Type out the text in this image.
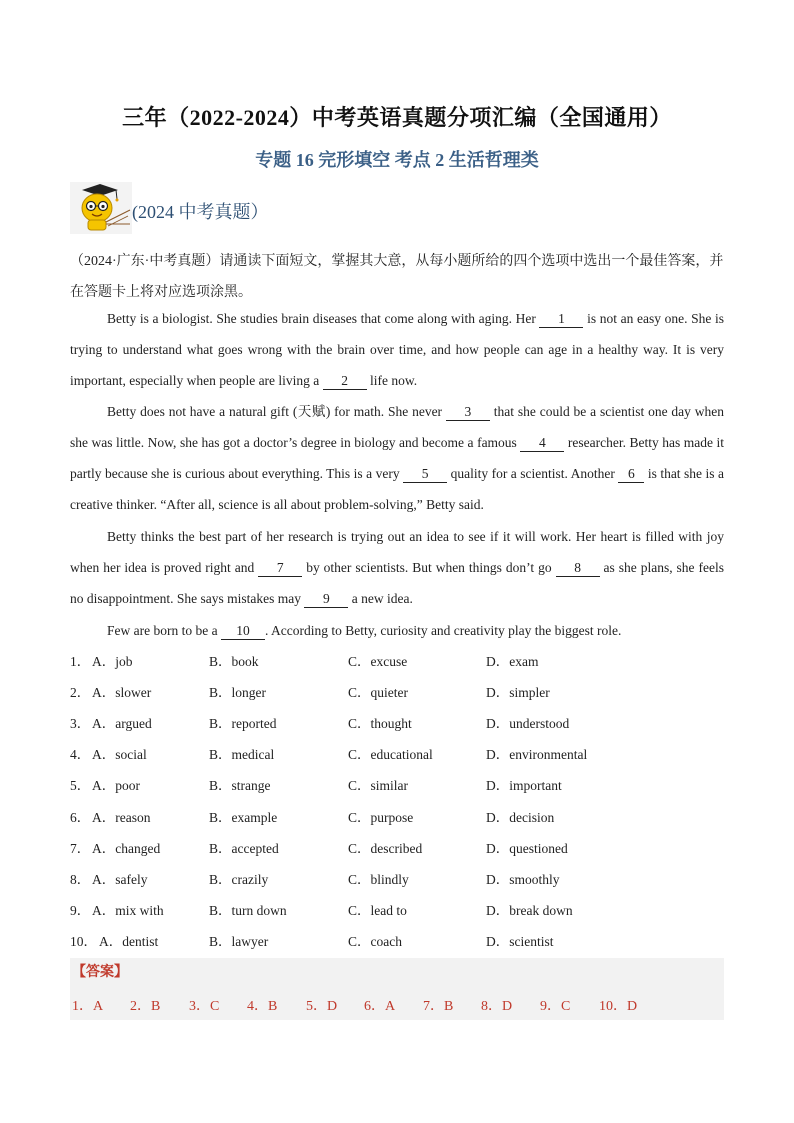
三年（2022-2024）中考英语真题分项汇编（全国通用）
专题 16 完形填空 考点 2 生活哲理类
(2024 中考真题）
（2024·广东·中考真题）请通读下面短文，掌握其大意，从每小题所给的四个选项中选出一个最佳答案，并
在答题卡上将对应选项涂黑。
Betty is a biologist. She studies brain diseases that come along with aging. Her 1 is not an easy one. She is trying to understand what goes wrong with the brain over time, and how people can age in a healthy way. It is very important, especially when people are living a 2 life now.
Betty does not have a natural gift (天赋) for math. She never 3 that she could be a scientist one day when she was little. Now, she has got a doctor’s degree in biology and become a famous 4 researcher. Betty has made it partly because she is curious about everything. This is a very 5 quality for a scientist. Another 6 is that she is a creative thinker. “After all, science is all about problem-solving,” Betty said.
Betty thinks the best part of her research is trying out an idea to see if it will work. Her heart is filled with joy when her idea is proved right and 7 by other scientists. But when things don’t go 8 as she plans, she feels no disappointment. She says mistakes may 9 a new idea.
Few are born to be a 10 . According to Betty, curiosity and creativity play the biggest role.
1． A．job	B．book	C．excuse	D．exam
2． A．slower	B．longer	C．quieter	D．simpler
3． A．argued	B．reported	C．thought	D．understood
4． A．social	B．medical	C．educational	D．environmental
5． A．poor	B．strange	C．similar	D．important
6． A．reason	B．example	C．purpose	D．decision
7． A．changed	B．accepted	C．described	D．questioned
8． A．safely	B．crazily	C．blindly	D．smoothly
9． A．mix with	B．turn down	C．lead to	D．break down
10． A．dentist	B．lawyer	C．coach	D．scientist
【答案】
1．A 2．B 3．C 4．B 5．D 6．A 7．B 8．D 9．C 10．D
